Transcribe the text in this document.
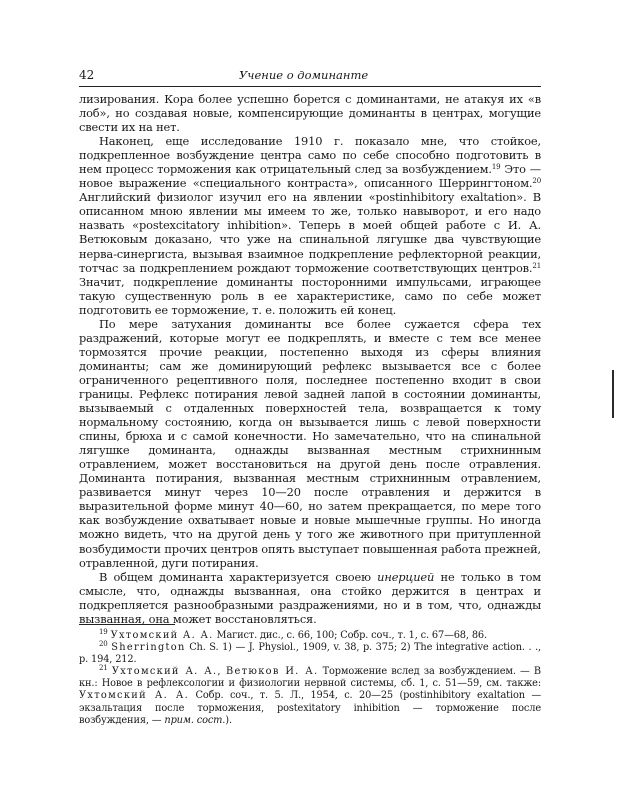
42	Учение о доминанте

лизирования. Кора более успешно борется с доминантами, не атакуя их «в лоб», но создавая новые, компенсирующие доминанты в центрах, могущие свести их на нет.

Наконец, еще исследование 1910 г. показало мне, что стойкое, подкрепленное возбуждение центра само по себе способно подготовить в нем процесс торможения как отрицательный след за возбуждением.$^{19}$ Это — новое выражение «специального контраста», описанного Шеррингтоном.$^{20}$ Английский физиолог изучил его на явлении «postinhibitory exaltation». В описанном мною явлении мы имеем то же, только навыворот, и его надо назвать «postexcitatory inhibition». Теперь в моей общей работе с И. А. Ветюковым доказано, что уже на спинальной лягушке два чувствующие нерва-синергиста, вызывая взаимное подкрепление рефлекторной реакции, тотчас за подкреплением рождают торможение соответствующих центров.$^{21}$ Значит, подкрепление доминанты посторонними импульсами, играющее такую существенную роль в ее характеристике, само по себе может подготовить ее торможение, т. е. положить ей конец.

По мере затухания доминанты все более сужается сфера тех раздражений, которые могут ее подкреплять, и вместе с тем все менее тормозятся прочие реакции, постепенно выходя из сферы влияния доминанты; сам же доминирующий рефлекс вызывается все с более ограниченного рецептивного поля, последнее постепенно входит в свои границы. Рефлекс потирания левой задней лапой в состоянии доминанты, вызываемый с отдаленных поверхностей тела, возвращается к тому нормальному состоянию, когда он вызывается лишь с левой поверхности спины, брюха и с самой конечности. Но замечательно, что на спинальной лягушке доминанта, однажды вызванная местным стрихнинным отравлением, может восстановиться на другой день после отравления. Доминанта потирания, вызванная местным стрихнинным отравлением, развивается минут через 10—20 после отравления и держится в выразительной форме минут 40—60, но затем прекращается, по мере того как возбуждение охватывает новые и новые мышечные группы. Но иногда можно видеть, что на другой день у того же животного при притупленной возбудимости прочих центров опять выступает повышенная работа прежней, отравленной, дуги потирания.

В общем доминанта характеризуется своею инерцией не только в том смысле, что, однажды вызванная, она стойко держится в центрах и подкрепляется разнообразными раздражениями, но и в том, что, однажды вызванная, она может восстановляться.

$^{19}$ Ухтомский А. А. Магист. дис., с. 66, 100; Собр. соч., т. 1, с. 67—68, 86.

$^{20}$ Sherrington Ch. S. 1) — J. Physiol., 1909, v. 38, p. 375; 2) The integrative action. . ., p. 194, 212.

$^{21}$ Ухтомский А. А., Ветюков И. А. Торможение вслед за возбуждением. — В кн.: Новое в рефлексологии и физиологии нервной системы, сб. 1, с. 51—59, см. также: Ухтомский А. А. Собр. соч., т. 5. Л., 1954, с. 20—25 (postinhibitory exaltation — экзальтация после торможения, postexitatory inhibition — торможение после возбуждения, — прим. сост.).
